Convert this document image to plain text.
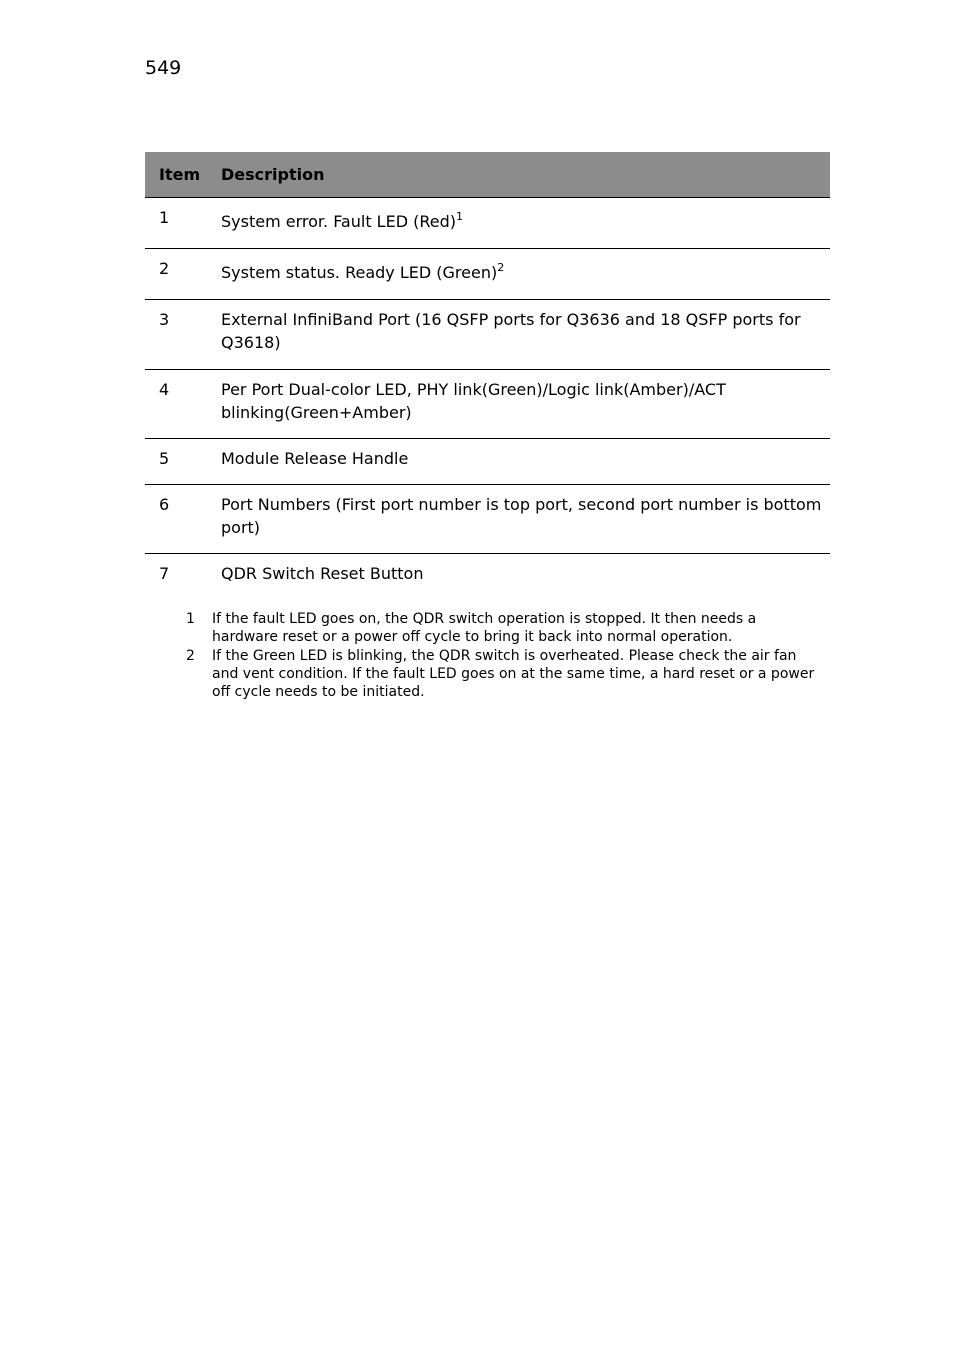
549
Item	Description
1	System error. Fault LED (Red)$^1$
2	System status. Ready LED (Green)$^2$
3	External InfiniBand Port (16 QSFP ports for Q3636 and 18 QSFP ports for Q3618)
4	Per Port Dual-color LED, PHY link(Green)/Logic link(Amber)/ACT blinking(Green+Amber)
5	Module Release Handle
6	Port Numbers (First port number is top port, second port number is bottom port)
7	QDR Switch Reset Button
1	If the fault LED goes on, the QDR switch operation is stopped. It then needs a hardware reset or a power off cycle to bring it back into normal operation.
2	If the Green LED is blinking, the QDR switch is overheated. Please check the air fan and vent condition. If the fault LED goes on at the same time, a hard reset or a power off cycle needs to be initiated.
